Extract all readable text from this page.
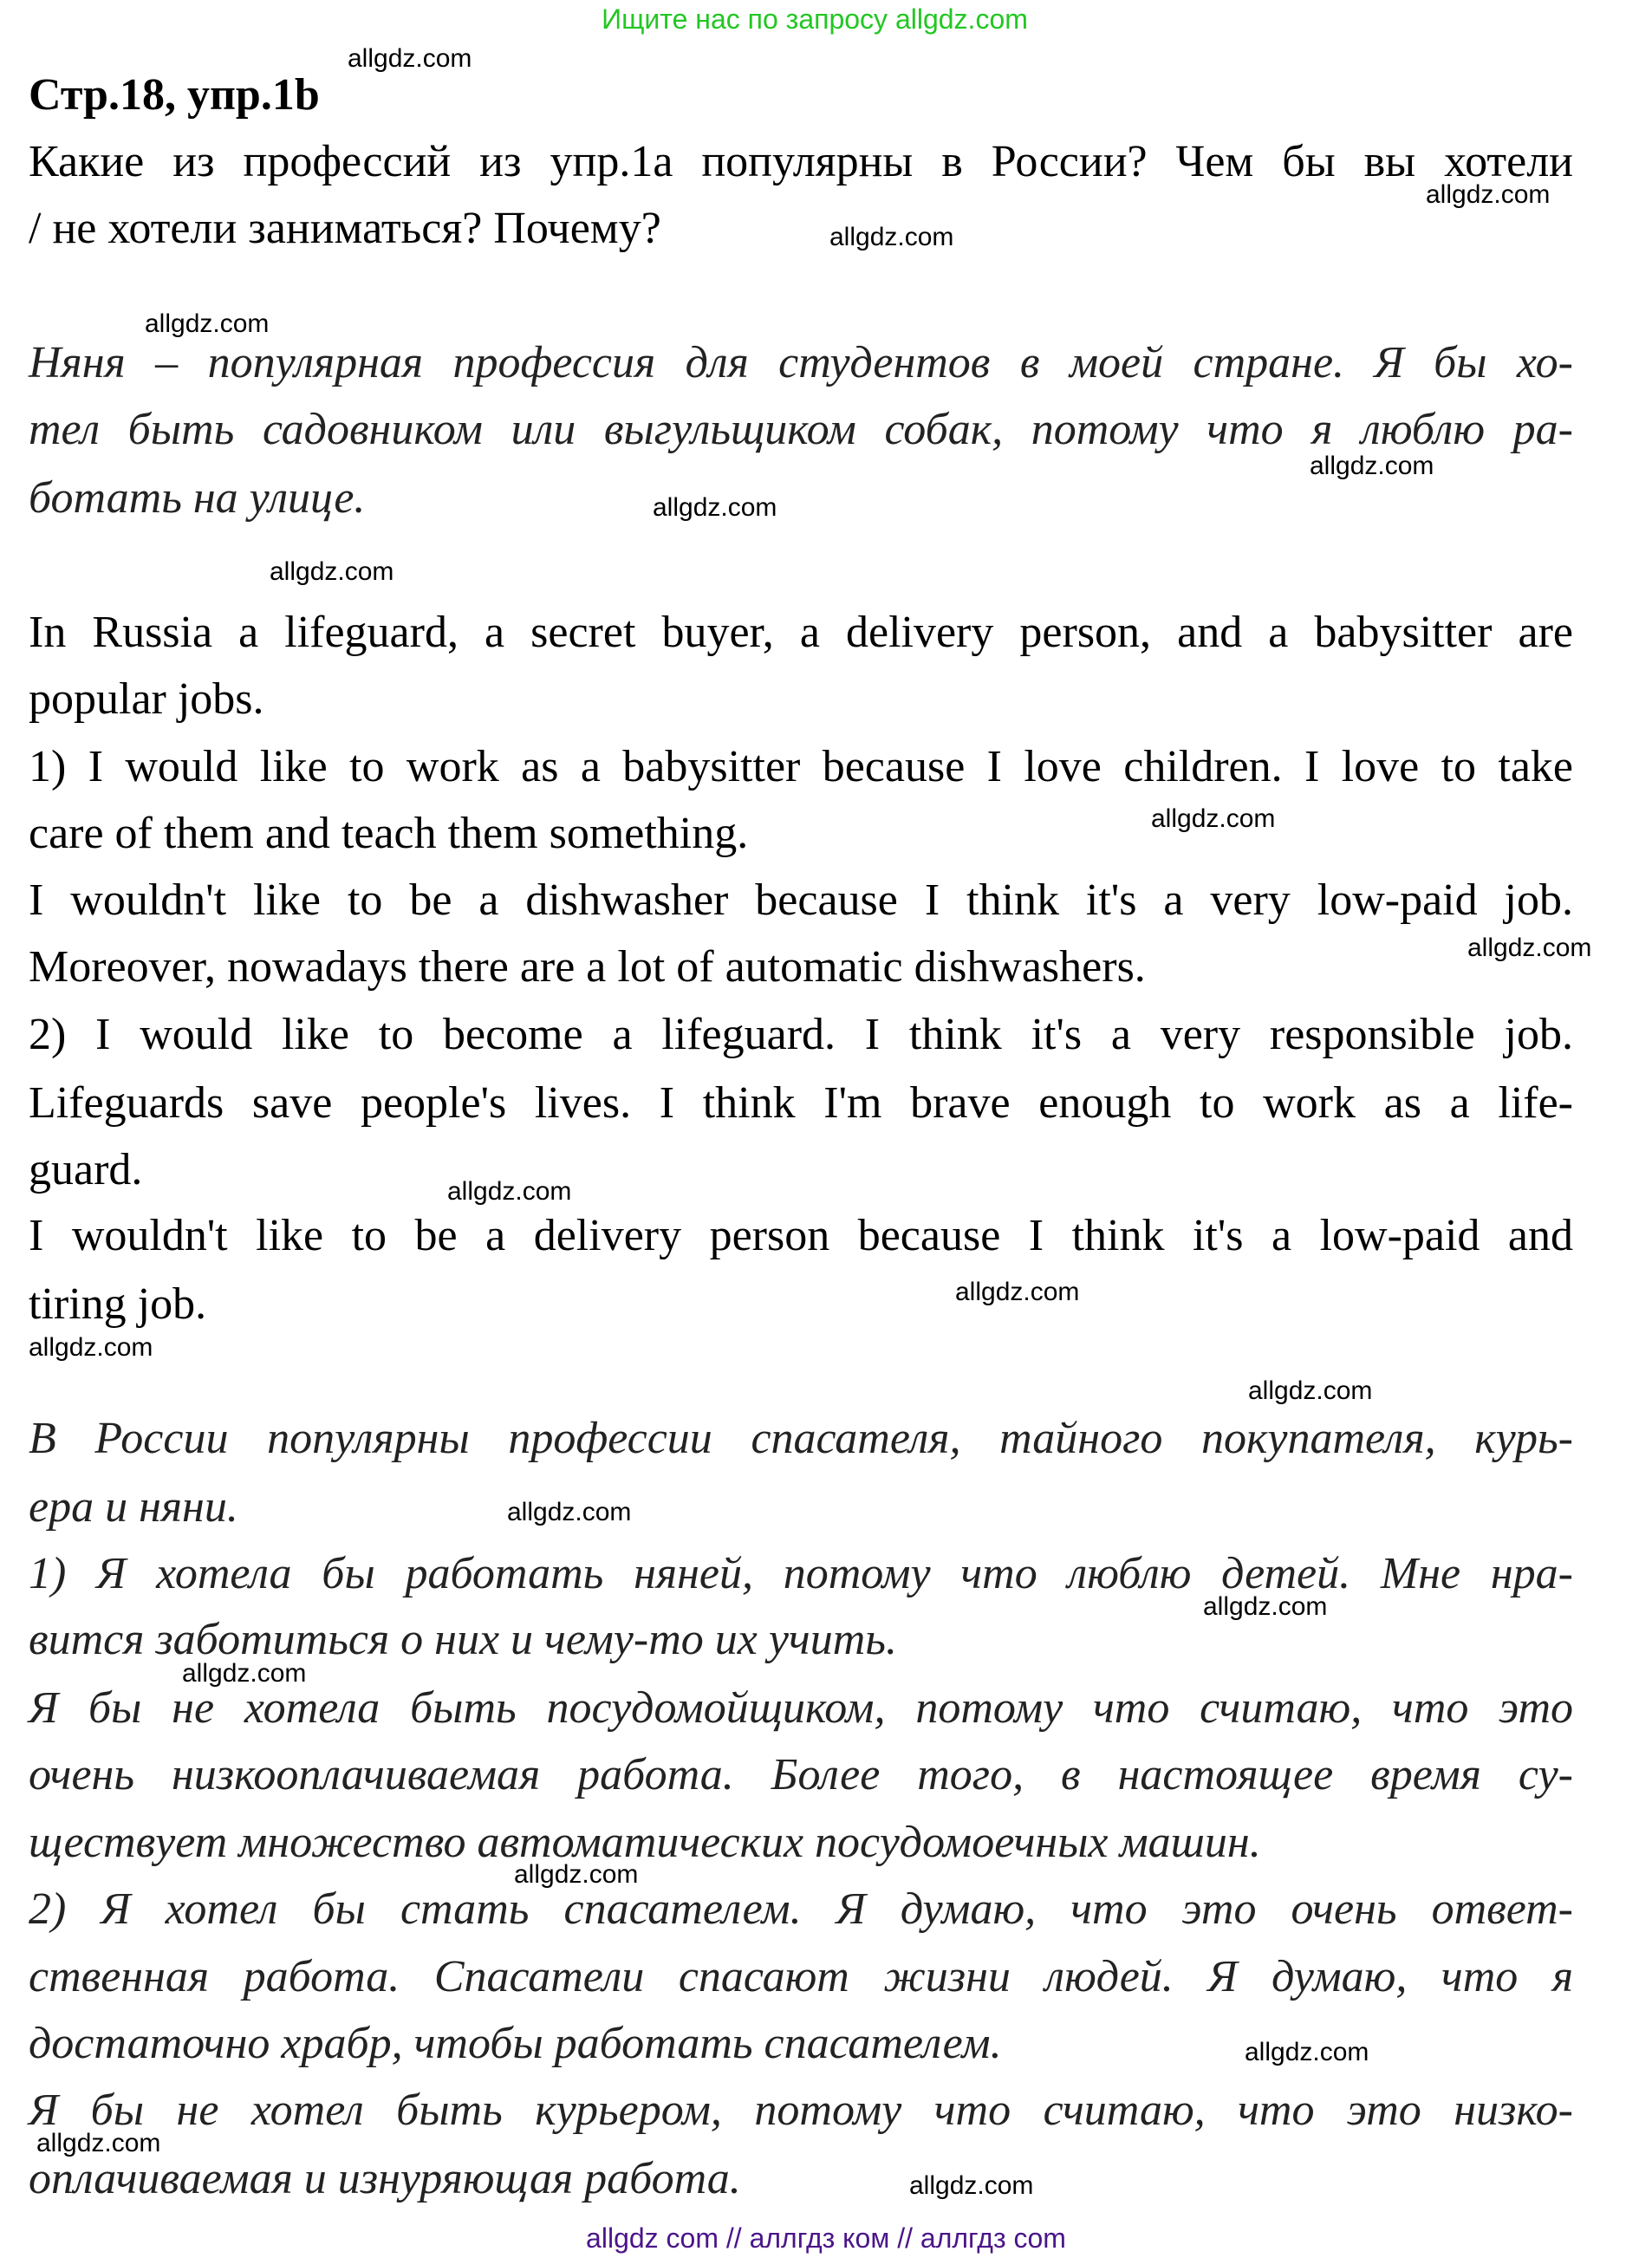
Ищите нас по запросу allgdz.com
Стр.18, упр.1b
Какие из профессий из упр.1a популярны в России? Чем бы вы хотели
/ не хотели заниматься? Почему?
Няня – популярная профессия для студентов в моей стране. Я бы хо-
тел быть садовником или выгульщиком собак, потому что я люблю ра-
ботать на улице.
In Russia a lifeguard, a secret buyer, a delivery person, and a babysitter are
popular jobs.
1) I would like to work as a babysitter because I love children. I love to take
care of them and teach them something.
I wouldn't like to be a dishwasher because I think it's a very low-paid job.
Moreover, nowadays there are a lot of automatic dishwashers.
2) I would like to become a lifeguard. I think it's a very responsible job.
Lifeguards save people's lives. I think I'm brave enough to work as a life-
guard.
I wouldn't like to be a delivery person because I think it's a low-paid and
tiring job.
В России популярны профессии спасателя, тайного покупателя, курь-
ера и няни.
1) Я хотела бы работать няней, потому что люблю детей. Мне нра-
вится заботиться о них и чему-то их учить.
Я бы не хотела быть посудомойщиком, потому что считаю, что это
очень низкооплачиваемая работа. Более того, в настоящее время су-
ществует множество автоматических посудомоечных машин.
2) Я хотел бы стать спасателем. Я думаю, что это очень ответ-
ственная работа. Спасатели спасают жизни людей. Я думаю, что я
достаточно храбр, чтобы работать спасателем.
Я бы не хотел быть курьером, потому что считаю, что это низко-
оплачиваемая и изнуряющая работа.
allgdz.com
allgdz.com
allgdz.com
allgdz.com
allgdz.com
allgdz.com
allgdz.com
allgdz.com
allgdz.com
allgdz.com
allgdz.com
allgdz.com
allgdz.com
allgdz.com
allgdz.com
allgdz.com
allgdz.com
allgdz.com
allgdz.com
allgdz.com
allgdz com // аллгдз ком // аллгдз com
